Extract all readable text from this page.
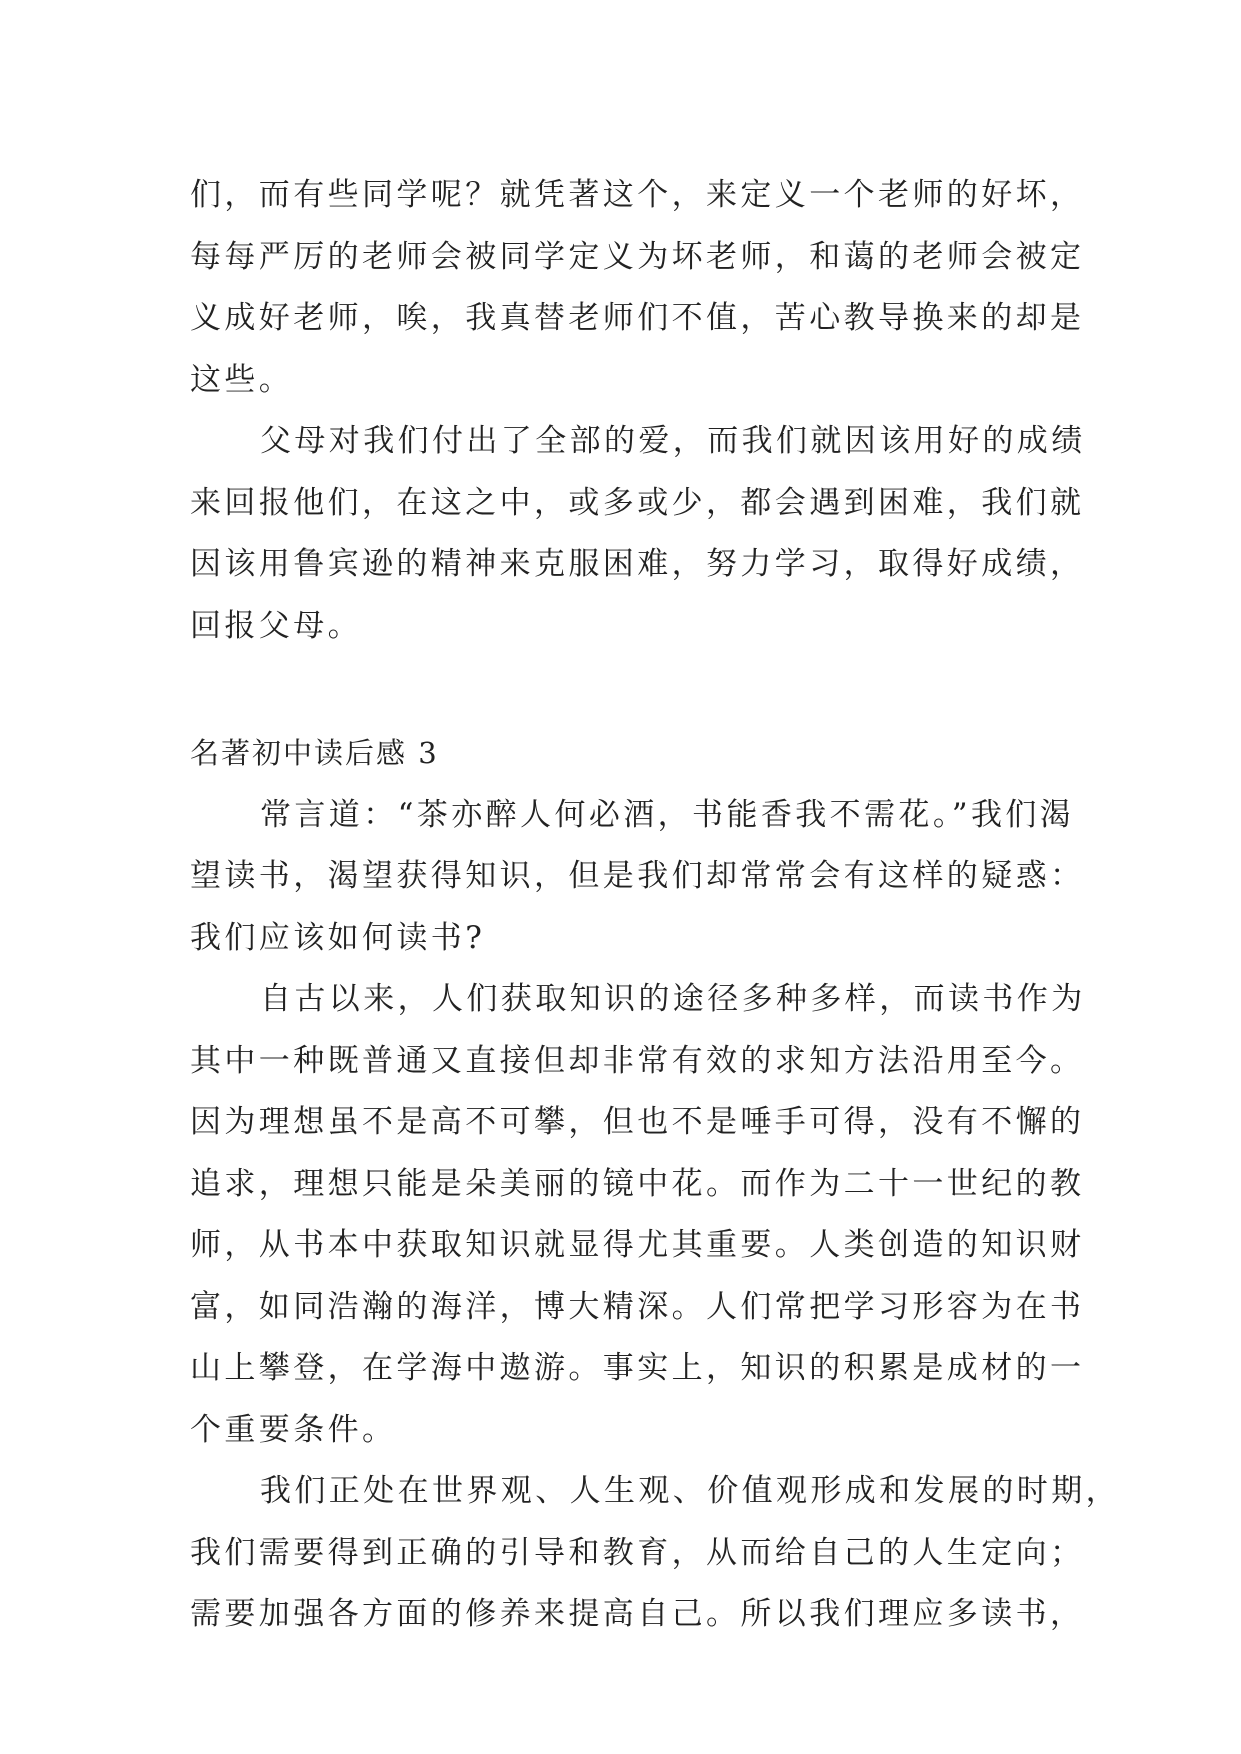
们，而有些同学呢？就凭著这个，来定义一个老师的好坏，
每每严厉的老师会被同学定义为坏老师，和蔼的老师会被定
义成好老师，唉，我真替老师们不值，苦心教导换来的却是
这些。
父母对我们付出了全部的爱，而我们就因该用好的成绩
来回报他们，在这之中，或多或少，都会遇到困难，我们就
因该用鲁宾逊的精神来克服困难，努力学习，取得好成绩，
回报父母。
名著初中读后感 3
常言道：“茶亦醉人何必酒，书能香我不需花。”我们渴
望读书，渴望获得知识，但是我们却常常会有这样的疑惑：
我们应该如何读书?
自古以来，人们获取知识的途径多种多样，而读书作为
其中一种既普通又直接但却非常有效的求知方法沿用至今。
因为理想虽不是高不可攀，但也不是唾手可得，没有不懈的
追求，理想只能是朵美丽的镜中花。而作为二十一世纪的教
师，从书本中获取知识就显得尤其重要。人类创造的知识财
富，如同浩瀚的海洋，博大精深。人们常把学习形容为在书
山上攀登，在学海中遨游。事实上，知识的积累是成材的一
个重要条件。
我们正处在世界观、人生观、价值观形成和发展的时期，
我们需要得到正确的引导和教育，从而给自己的人生定向；
需要加强各方面的修养来提高自己。所以我们理应多读书，
